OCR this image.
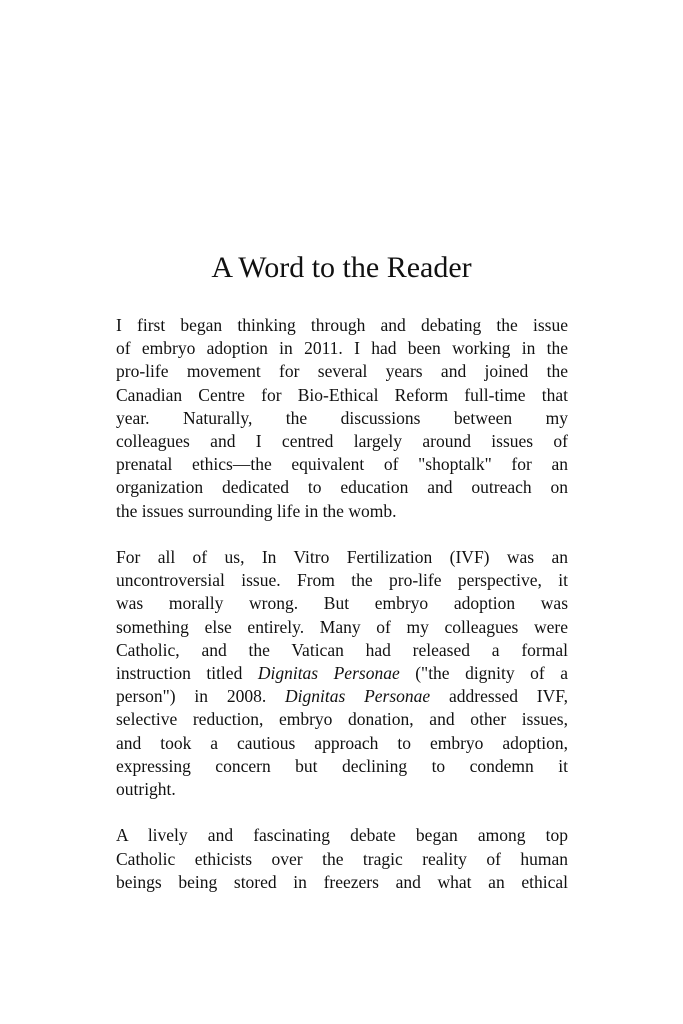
A Word to the Reader

I first began thinking through and debating the issue
of embryo adoption in 2011. I had been working in the
pro-life movement for several years and joined the
Canadian Centre for Bio-Ethical Reform full-time that
year. Naturally, the discussions between my
colleagues and I centred largely around issues of
prenatal ethics—the equivalent of "shoptalk" for an
organization dedicated to education and outreach on
the issues surrounding life in the womb.

For all of us, In Vitro Fertilization (IVF) was an
uncontroversial issue. From the pro-life perspective, it
was morally wrong. But embryo adoption was
something else entirely. Many of my colleagues were
Catholic, and the Vatican had released a formal
instruction titled Dignitas Personae ("the dignity of a
person") in 2008. Dignitas Personae addressed IVF,
selective reduction, embryo donation, and other issues,
and took a cautious approach to embryo adoption,
expressing concern but declining to condemn it
outright.

A lively and fascinating debate began among top
Catholic ethicists over the tragic reality of human
beings being stored in freezers and what an ethical
